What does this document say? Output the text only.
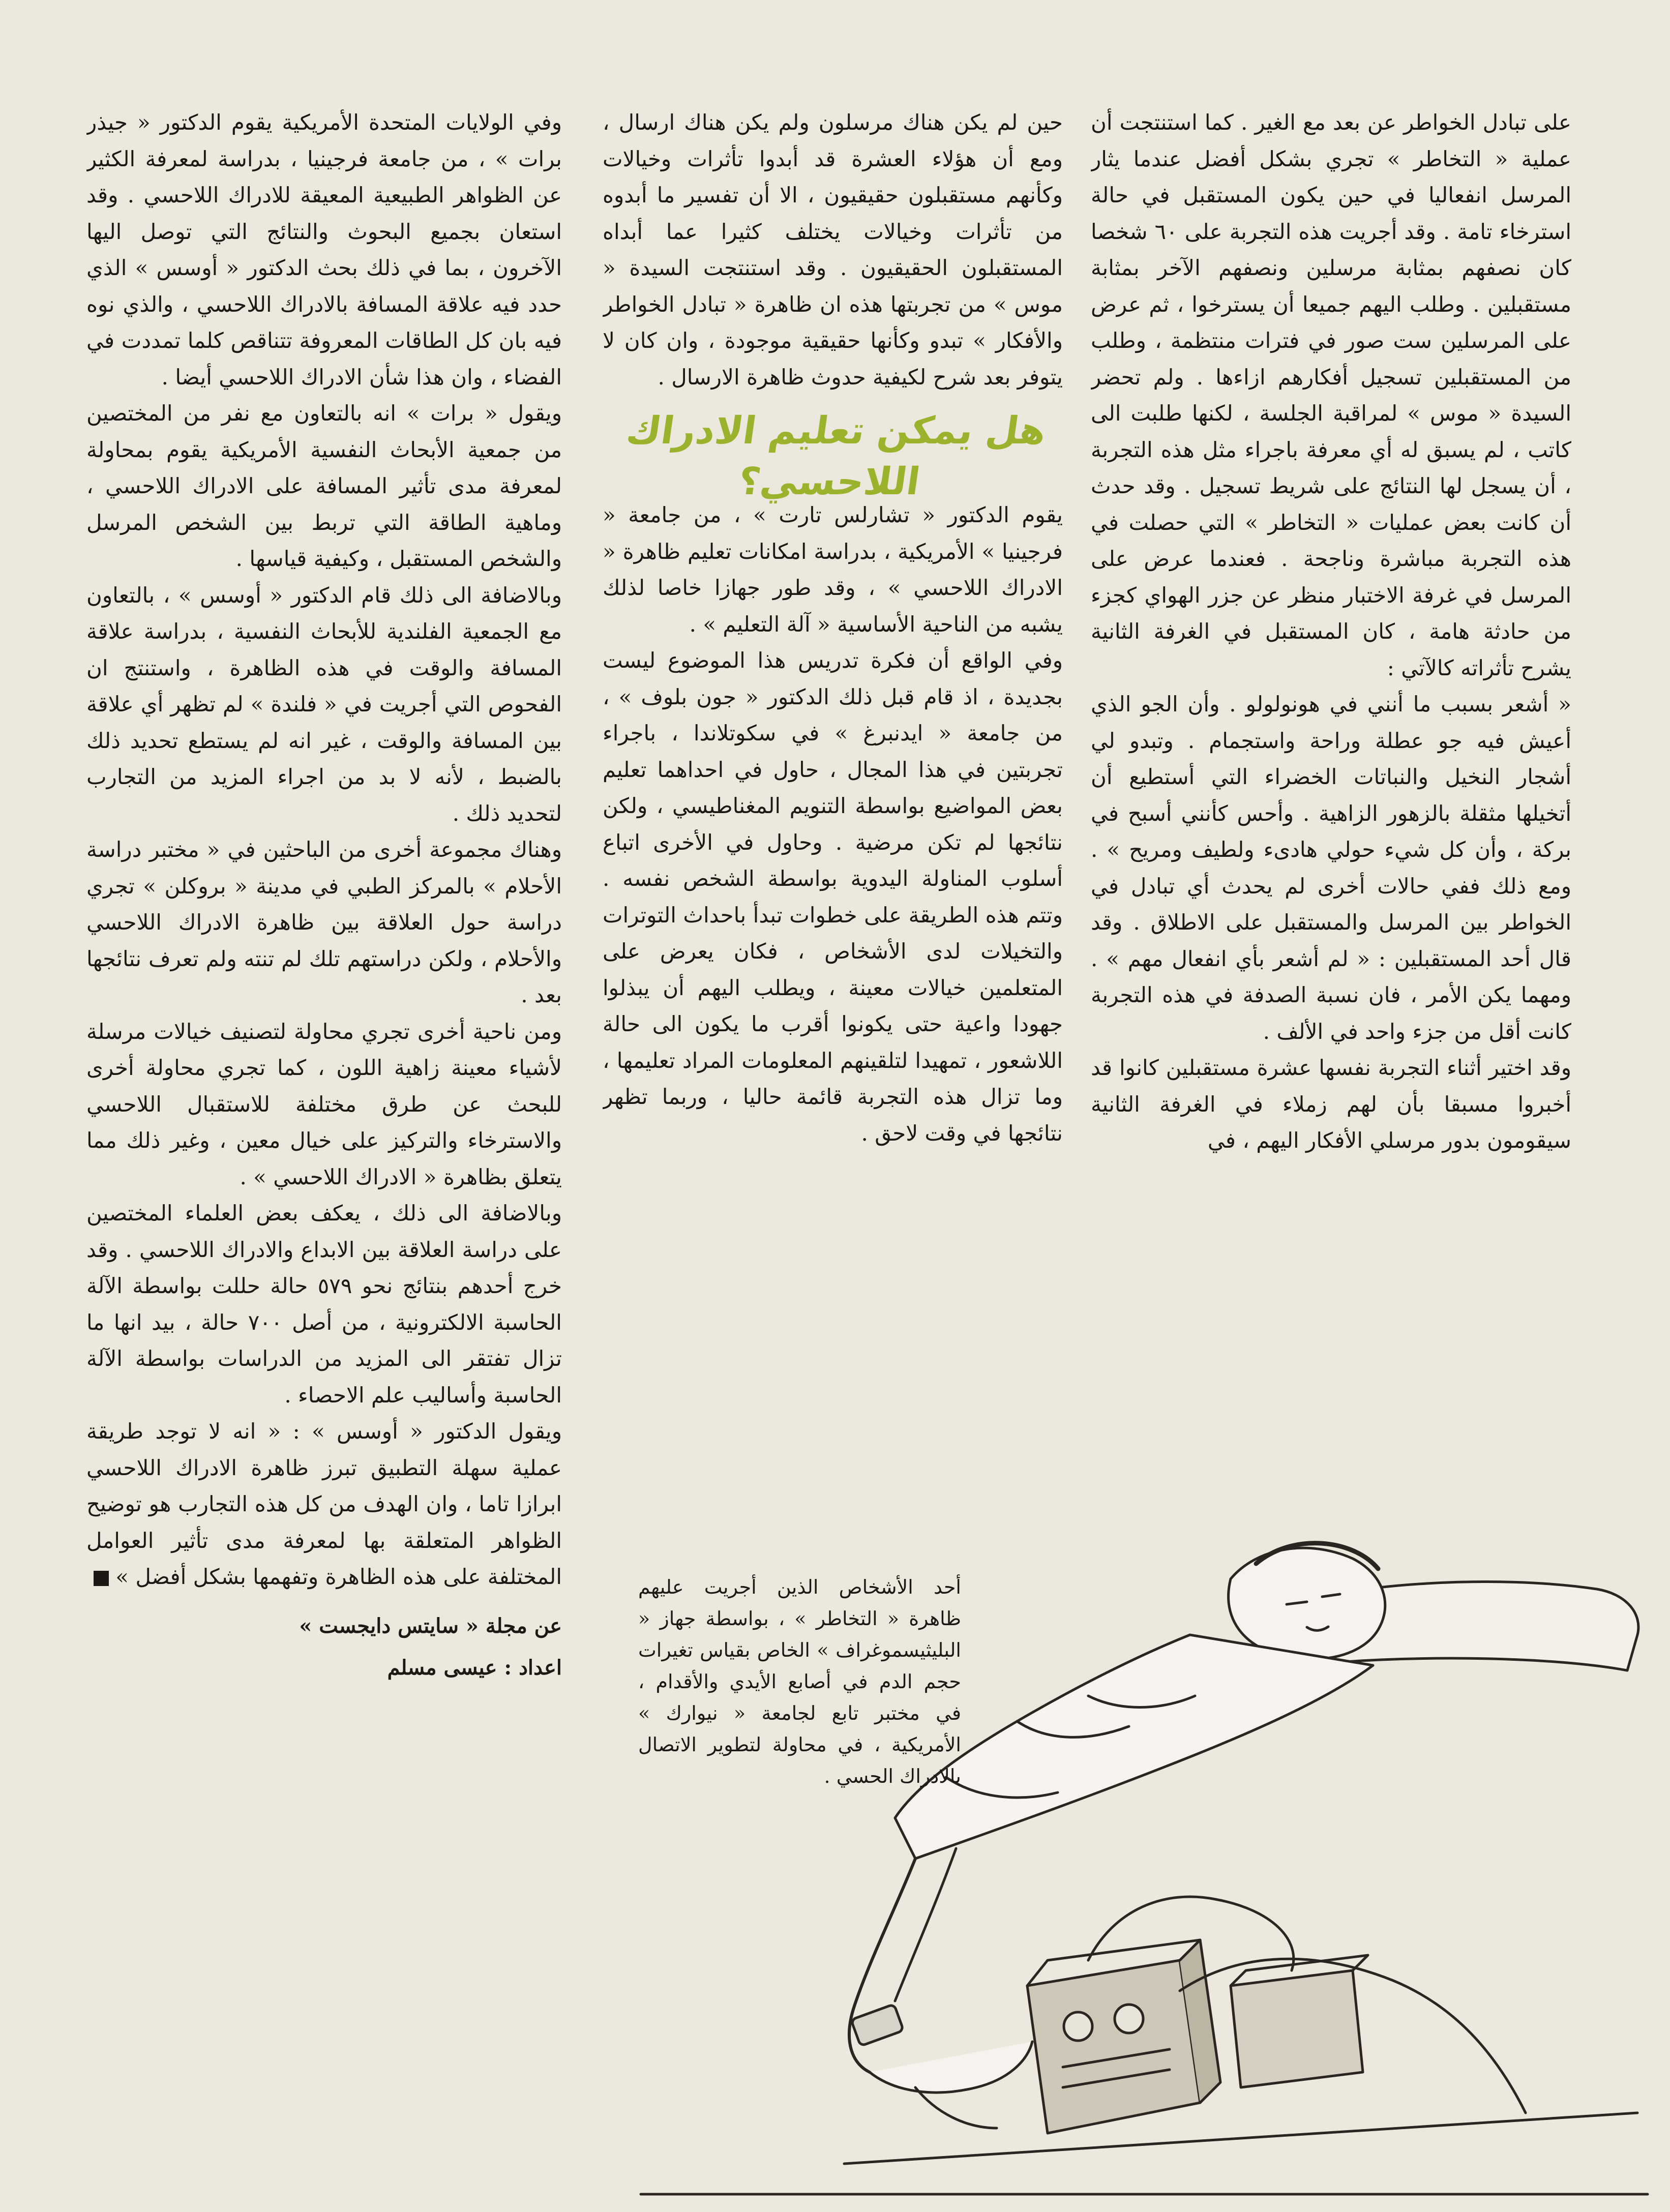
على تبادل الخواطر عن بعد مع الغير . كما استنتجت أن عملية « التخاطر » تجري بشكل أفضل عندما يثار المرسل انفعاليا في حين يكون المستقبل في حالة استرخاء تامة . وقد أجريت هذه التجربة على ٦٠ شخصا كان نصفهم بمثابة مرسلين ونصفهم الآخر بمثابة مستقبلين . وطلب اليهم جميعا أن يسترخوا ، ثم عرض على المرسلين ست صور في فترات منتظمة ، وطلب من المستقبلين تسجيل أفكارهم ازاءها . ولم تحضر السيدة « موس » لمراقبة الجلسة ، لكنها طلبت الى كاتب ، لم يسبق له أي معرفة باجراء مثل هذه التجربة ، أن يسجل لها النتائج على شريط تسجيل . وقد حدث أن كانت بعض عمليات « التخاطر » التي حصلت في هذه التجربة مباشرة وناجحة . فعندما عرض على المرسل في غرفة الاختبار منظر عن جزر الهواي كجزء من حادثة هامة ، كان المستقبل في الغرفة الثانية يشرح تأثراته كالآتي :

« أشعر بسبب ما أنني في هونولولو . وأن الجو الذي أعيش فيه جو عطلة وراحة واستجمام . وتبدو لي أشجار النخيل والنباتات الخضراء التي أستطيع أن أتخيلها مثقلة بالزهور الزاهية . وأحس كأنني أسبح في بركة ، وأن كل شيء حولي هادىء ولطيف ومريح » . ومع ذلك ففي حالات أخرى لم يحدث أي تبادل في الخواطر بين المرسل والمستقبل على الاطلاق . وقد قال أحد المستقبلين : « لم أشعر بأي انفعال مهم » . ومهما يكن الأمر ، فان نسبة الصدفة في هذه التجربة كانت أقل من جزء واحد في الألف .

وقد اختير أثناء التجربة نفسها عشرة مستقبلين كانوا قد أخبروا مسبقا بأن لهم زملاء في الغرفة الثانية سيقومون بدور مرسلي الأفكار اليهم ، في

حين لم يكن هناك مرسلون ولم يكن هناك ارسال ، ومع أن هؤلاء العشرة قد أبدوا تأثرات وخيالات وكأنهم مستقبلون حقيقيون ، الا أن تفسير ما أبدوه من تأثرات وخيالات يختلف كثيرا عما أبداه المستقبلون الحقيقيون . وقد استنتجت السيدة « موس » من تجربتها هذه ان ظاهرة « تبادل الخواطر والأفكار » تبدو وكأنها حقيقية موجودة ، وان كان لا يتوفر بعد شرح لكيفية حدوث ظاهرة الارسال .

هل يمكن تعليم الادراك اللاحسي؟

يقوم الدكتور « تشارلس تارت » ، من جامعة « فرجينيا » الأمريكية ، بدراسة امكانات تعليم ظاهرة « الادراك اللاحسي » ، وقد طور جهازا خاصا لذلك يشبه من الناحية الأساسية « آلة التعليم » .

وفي الواقع أن فكرة تدريس هذا الموضوع ليست بجديدة ، اذ قام قبل ذلك الدكتور « جون بلوف » ، من جامعة « ايدنبرغ » في سكوتلاندا ، باجراء تجربتين في هذا المجال ، حاول في احداهما تعليم بعض المواضيع بواسطة التنويم المغناطيسي ، ولكن نتائجها لم تكن مرضية . وحاول في الأخرى اتباع أسلوب المناولة اليدوية بواسطة الشخص نفسه . وتتم هذه الطريقة على خطوات تبدأ باحداث التوترات والتخيلات لدى الأشخاص ، فكان يعرض على المتعلمين خيالات معينة ، ويطلب اليهم أن يبذلوا جهودا واعية حتى يكونوا أقرب ما يكون الى حالة اللاشعور ، تمهيدا لتلقينهم المعلومات المراد تعليمها ، وما تزال هذه التجربة قائمة حاليا ، وربما تظهر نتائجها في وقت لاحق .

وفي الولايات المتحدة الأمريكية يقوم الدكتور « جيذر برات » ، من جامعة فرجينيا ، بدراسة لمعرفة الكثير عن الظواهر الطبيعية المعيقة للادراك اللاحسي . وقد استعان بجميع البحوث والنتائج التي توصل اليها الآخرون ، بما في ذلك بحث الدكتور « أوسس » الذي حدد فيه علاقة المسافة بالادراك اللاحسي ، والذي نوه فيه بان كل الطاقات المعروفة تتناقص كلما تمددت في الفضاء ، وان هذا شأن الادراك اللاحسي أيضا .

ويقول « برات » انه بالتعاون مع نفر من المختصين من جمعية الأبحاث النفسية الأمريكية يقوم بمحاولة لمعرفة مدى تأثير المسافة على الادراك اللاحسي ، وماهية الطاقة التي تربط بين الشخص المرسل والشخص المستقبل ، وكيفية قياسها .

وبالاضافة الى ذلك قام الدكتور « أوسس » ، بالتعاون مع الجمعية الفلندية للأبحاث النفسية ، بدراسة علاقة المسافة والوقت في هذه الظاهرة ، واستنتج ان الفحوص التي أجريت في « فلندة » لم تظهر أي علاقة بين المسافة والوقت ، غير انه لم يستطع تحديد ذلك بالضبط ، لأنه لا بد من اجراء المزيد من التجارب لتحديد ذلك .

وهناك مجموعة أخرى من الباحثين في « مختبر دراسة الأحلام » بالمركز الطبي في مدينة « بروكلن » تجري دراسة حول العلاقة بين ظاهرة الادراك اللاحسي والأحلام ، ولكن دراستهم تلك لم تنته ولم تعرف نتائجها بعد .

ومن ناحية أخرى تجري محاولة لتصنيف خيالات مرسلة لأشياء معينة زاهية اللون ، كما تجري محاولة أخرى للبحث عن طرق مختلفة للاستقبال اللاحسي والاسترخاء والتركيز على خيال معين ، وغير ذلك مما يتعلق بظاهرة « الادراك اللاحسي » .

وبالاضافة الى ذلك ، يعكف بعض العلماء المختصين على دراسة العلاقة بين الابداع والادراك اللاحسي . وقد خرج أحدهم بنتائج نحو ٥٧٩ حالة حللت بواسطة الآلة الحاسبة الالكترونية ، من أصل ٧٠٠ حالة ، بيد انها ما تزال تفتقر الى المزيد من الدراسات بواسطة الآلة الحاسبة وأساليب علم الاحصاء .

ويقول الدكتور « أوسس » : « انه لا توجد طريقة عملية سهلة التطبيق تبرز ظاهرة الادراك اللاحسي ابرازا تاما ، وان الهدف من كل هذه التجارب هو توضيح الظواهر المتعلقة بها لمعرفة مدى تأثير العوامل المختلفة على هذه الظاهرة وتفهمها بشكل أفضل »

عن مجلة « سايتس دايجست »
اعداد : عيسى مسلم
أحد الأشخاص الذين أجريت عليهم ظاهرة « التخاطر » ، بواسطة جهاز « البليثيسموغراف » الخاص بقياس تغيرات حجم الدم في أصابع الأيدي والأقدام ، في مختبر تابع لجامعة « نيوارك » الأمريكية ، في محاولة لتطوير الاتصال بالادراك الحسي .
